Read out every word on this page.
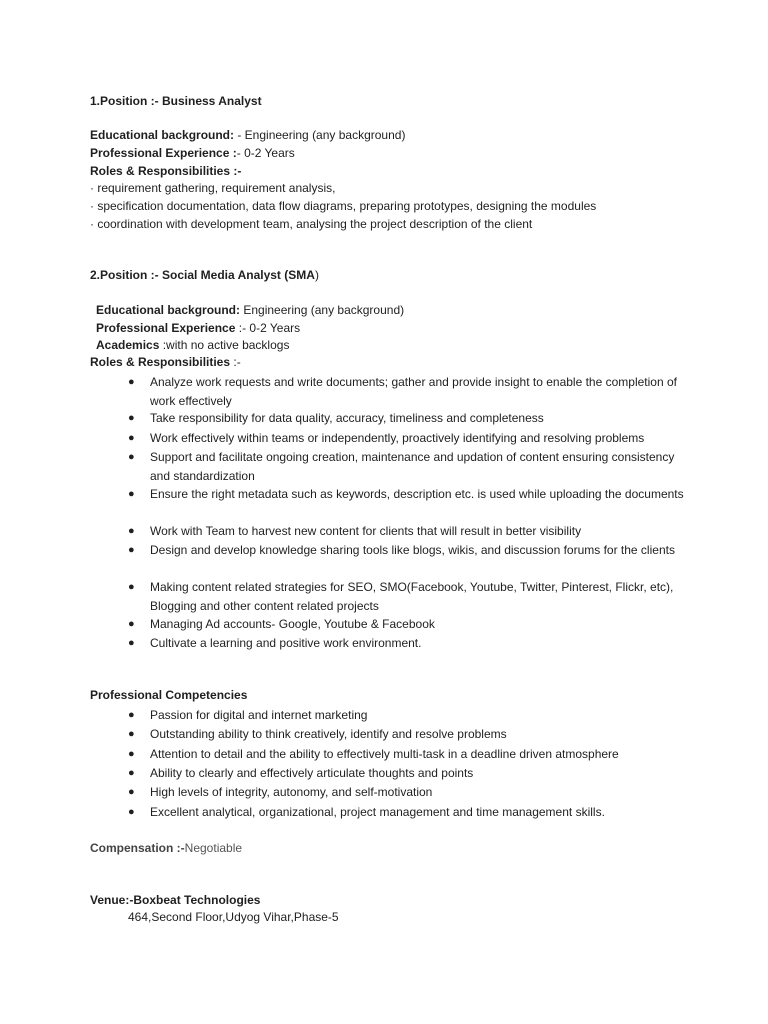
1.Position :- Business Analyst
Educational background: - Engineering (any background)
Professional Experience :- 0-2 Years
Roles & Responsibilities :-
· requirement gathering, requirement analysis,
· specification documentation, data flow diagrams, preparing prototypes, designing the modules
· coordination with development team, analysing the project description of the client
2.Position :- Social Media Analyst (SMA)
Educational background: Engineering (any background)
Professional Experience :- 0-2 Years
Academics :with no active backlogs
Roles & Responsibilities :-
● Analyze work requests and write documents; gather and provide insight to enable the completion of work effectively
● Take responsibility for data quality, accuracy, timeliness and completeness
● Work effectively within teams or independently, proactively identifying and resolving problems
● Support and facilitate ongoing creation, maintenance and updation of content ensuring consistency and standardization
● Ensure the right metadata such as keywords, description etc. is used while uploading the documents
● Work with Team to harvest new content for clients that will result in better visibility
● Design and develop knowledge sharing tools like blogs, wikis, and discussion forums for the clients
● Making content related strategies for SEO, SMO(Facebook, Youtube, Twitter, Pinterest, Flickr, etc), Blogging and other content related projects
● Managing Ad accounts- Google, Youtube & Facebook
● Cultivate a learning and positive work environment.
Professional Competencies
● Passion for digital and internet marketing
● Outstanding ability to think creatively, identify and resolve problems
● Attention to detail and the ability to effectively multi-task in a deadline driven atmosphere
● Ability to clearly and effectively articulate thoughts and points
● High levels of integrity, autonomy, and self-motivation
● Excellent analytical, organizational, project management and time management skills.
Compensation :-Negotiable
Venue:-Boxbeat Technologies
464,Second Floor,Udyog Vihar,Phase-5
